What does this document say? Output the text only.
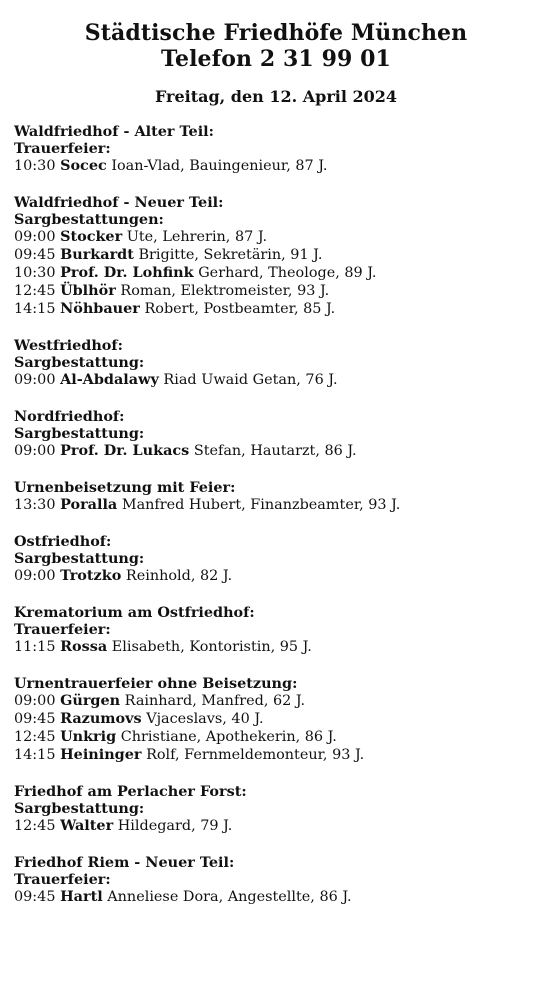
Städtische Friedhöfe München
Telefon 2 31 99 01
Freitag, den 12. April 2024
Waldfriedhof - Alter Teil:
Trauerfeier:
10:30 Socec Ioan-Vlad, Bauingenieur, 87 J.
Waldfriedhof - Neuer Teil:
Sargbestattungen:
09:00 Stocker Ute, Lehrerin, 87 J.
09:45 Burkardt Brigitte, Sekretärin, 91 J.
10:30 Prof. Dr. Lohfink Gerhard, Theologe, 89 J.
12:45 Üblhör Roman, Elektromeister, 93 J.
14:15 Nöhbauer Robert, Postbeamter, 85 J.
Westfriedhof:
Sargbestattung:
09:00 Al-Abdalawy Riad Uwaid Getan, 76 J.
Nordfriedhof:
Sargbestattung:
09:00 Prof. Dr. Lukacs Stefan, Hautarzt, 86 J.
Urnenbeisetzung mit Feier:
13:30 Poralla Manfred Hubert, Finanzbeamter, 93 J.
Ostfriedhof:
Sargbestattung:
09:00 Trotzko Reinhold, 82 J.
Krematorium am Ostfriedhof:
Trauerfeier:
11:15 Rossa Elisabeth, Kontoristin, 95 J.
Urnentrauerfeier ohne Beisetzung:
09:00 Gürgen Rainhard, Manfred, 62 J.
09:45 Razumovs Vjaceslavs, 40 J.
12:45 Unkrig Christiane, Apothekerin, 86 J.
14:15 Heininger Rolf, Fernmeldemonteur, 93 J.
Friedhof am Perlacher Forst:
Sargbestattung:
12:45 Walter Hildegard, 79 J.
Friedhof Riem - Neuer Teil:
Trauerfeier:
09:45 Hartl Anneliese Dora, Angestellte, 86 J.
